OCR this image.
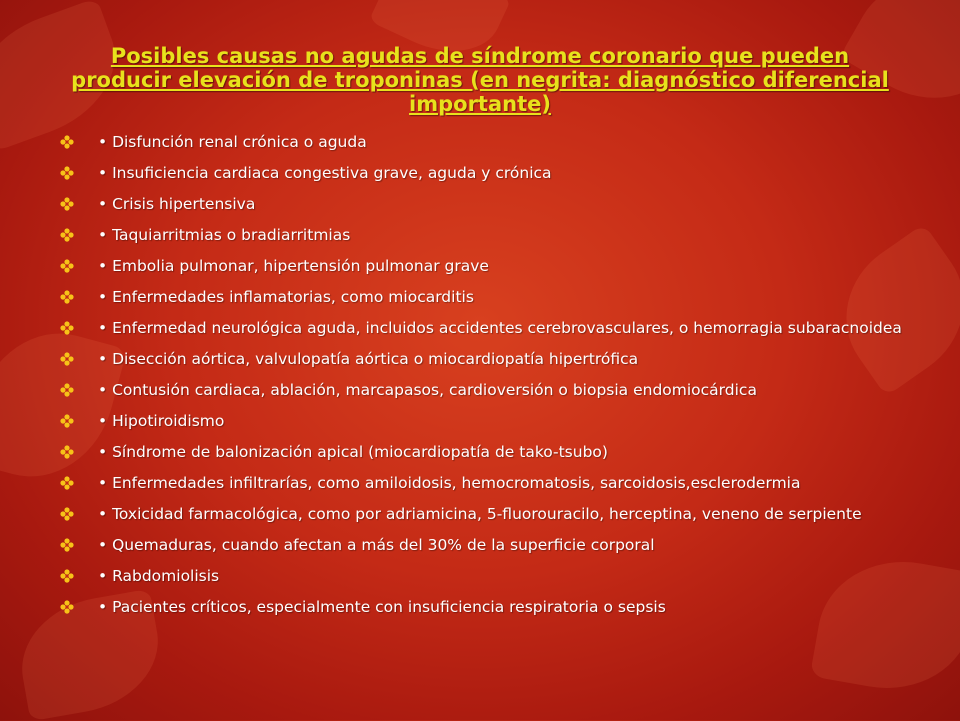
Posibles causas no agudas de síndrome coronario que pueden producir elevación de troponinas (en negrita: diagnóstico diferencial importante)
• Disfunción renal crónica o aguda
• Insuficiencia cardiaca congestiva grave, aguda y crónica
• Crisis hipertensiva
• Taquiarritmias o bradiarritmias
• Embolia pulmonar, hipertensión pulmonar grave
• Enfermedades inflamatorias, como miocarditis
• Enfermedad neurológica aguda, incluidos accidentes cerebrovasculares, o hemorragia subaracnoidea
• Disección aórtica, valvulopatía aórtica o miocardiopatía hipertrófica
• Contusión cardiaca, ablación, marcapasos, cardioversión o biopsia endomiocárdica
• Hipotiroidismo
• Síndrome de balonización apical (miocardiopatía de tako-tsubo)
• Enfermedades infiltrarías, como amiloidosis, hemocromatosis, sarcoidosis,esclerodermia
• Toxicidad farmacológica, como por adriamicina, 5-fluorouracilo, herceptina, veneno de serpiente
• Quemaduras, cuando afectan a más del 30% de la superficie corporal
• Rabdomiolisis
• Pacientes críticos, especialmente con insuficiencia respiratoria o sepsis
